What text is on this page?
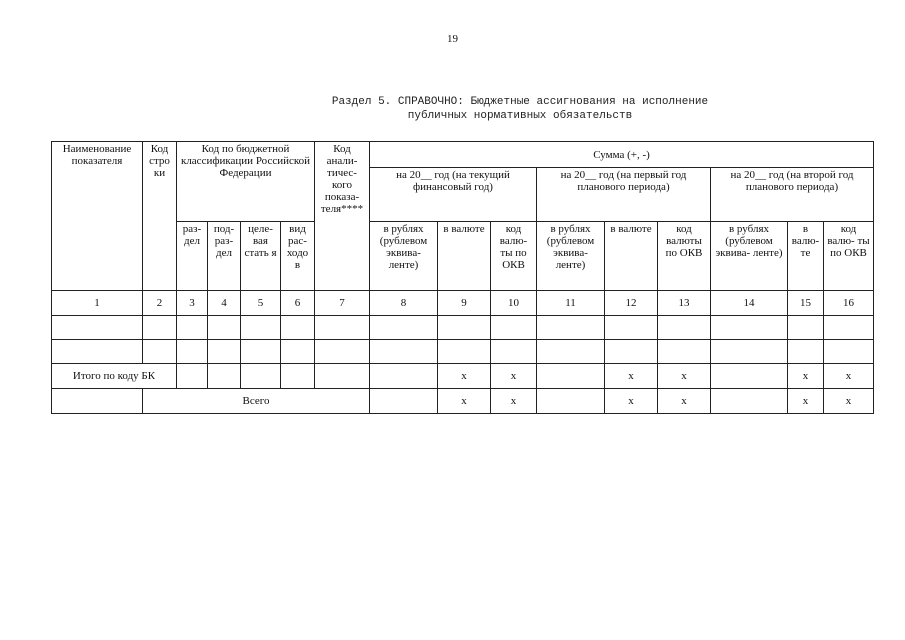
19
Раздел 5. СПРАВОЧНО: Бюджетные ассигнования на исполнение
публичных нормативных обязательств
Наименование показателя	Код стро ки	Код по бюджетной классификации Российской Федерации				Код анали- тичес- кого показа- теля****	Сумма (+, -)								
							на 20__ год (на текущий финансовый год)			на 20__ год (на первый год планового периода)			на 20__ год (на второй год планового периода)		
		раз- дел	под- раз- дел	целе- вая стать я	вид рас- ходо в		в рублях (рублевом эквива- ленте)	в валюте	код валю- ты по ОКВ	в рублях (рублевом эквива- ленте)	в валюте	код валюты по ОКВ	в рублях (рублевом эквива- ленте)	в валю- те	код валю- ты по ОКВ
1	2	3	4	5	6	7	8	9	10	11	12	13	14	15	16

Итого по коду БК								х	х		х	х		х	х
	Всего							х	х		х	х		х	х
